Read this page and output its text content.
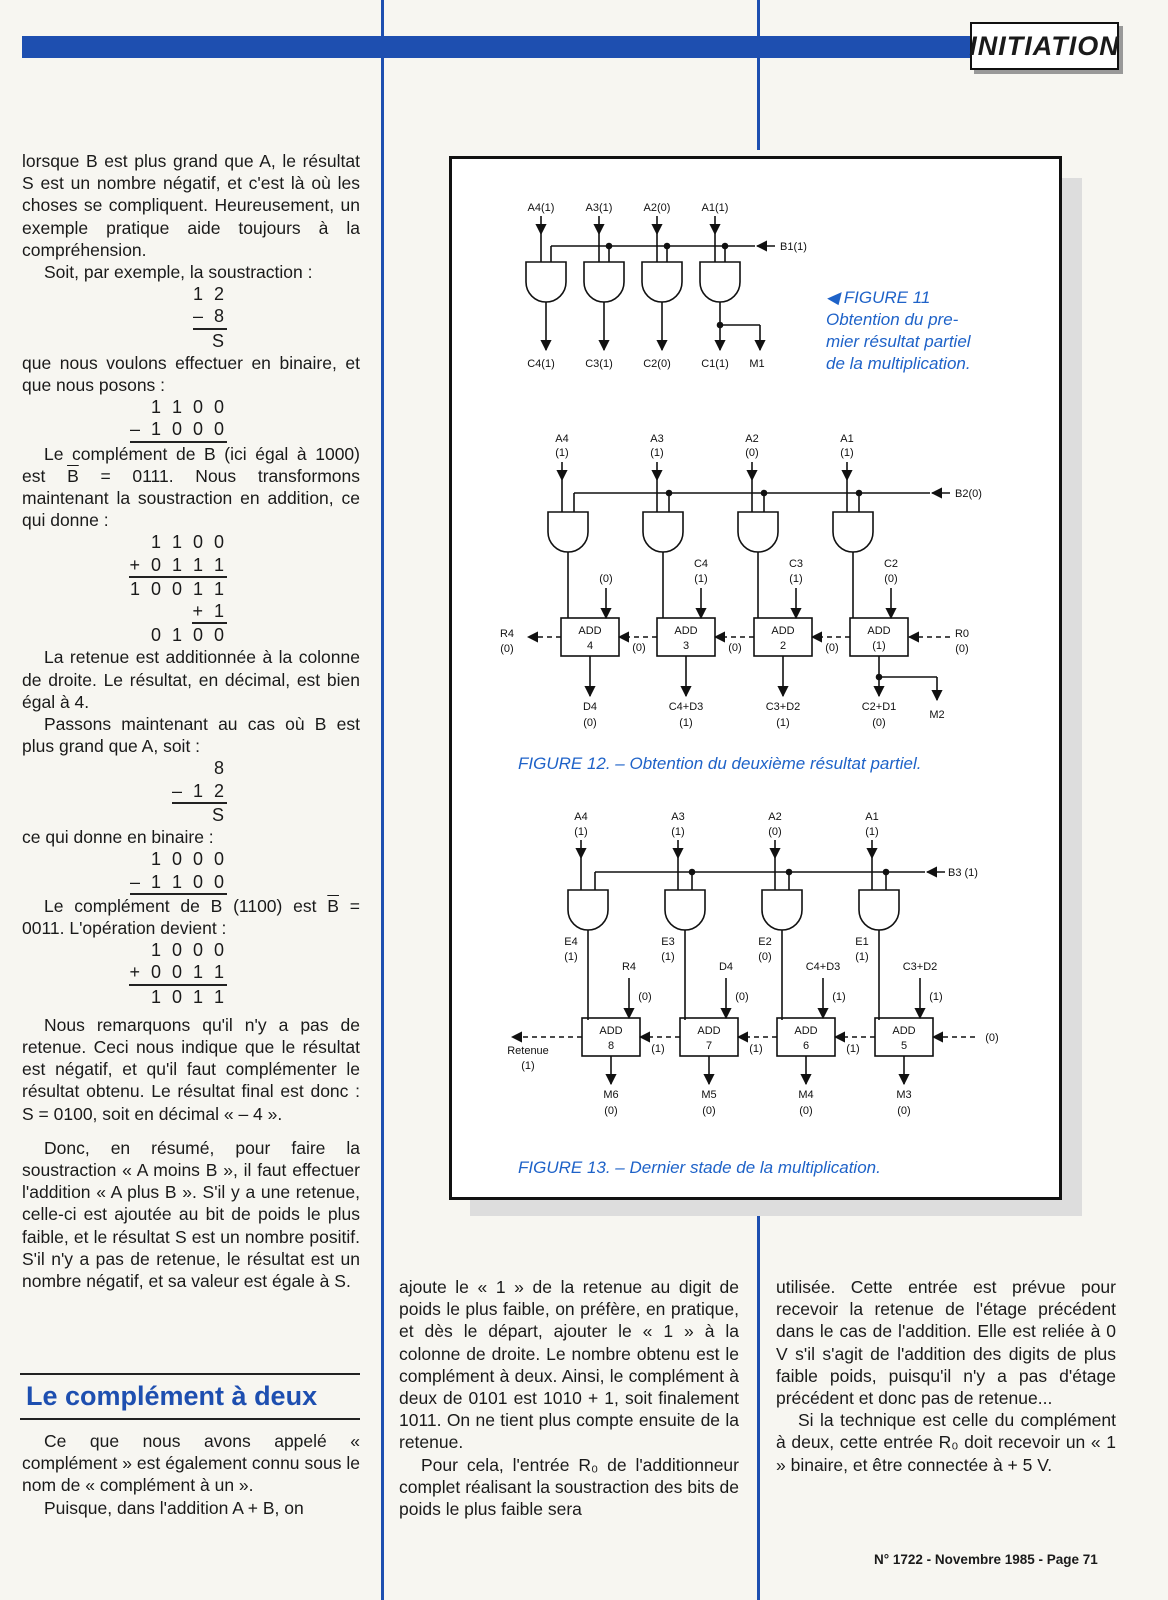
INITIATION

lorsque B est plus grand que A, le résultat S est un nombre négatif, et c'est là où les choses se compliquent. Heureusement, un exemple pratique aide toujours à la compréhension.

Soit, par exemple, la soustraction :

1 2
– 8
S

que nous voulons effectuer en binaire, et que nous posons :

1 1 0 0
– 1 0 0 0

Le complément de B (ici égal à 1000) est $\overline{B} = 0111$. Nous transformons maintenant la soustraction en addition, ce qui donne :

1 1 0 0
+ 0 1 1 1
1 0 0 1 1
+ 1
0 1 0 0

La retenue est additionnée à la colonne de droite. Le résultat, en décimal, est bien égal à 4.

Passons maintenant au cas où B est plus grand que A, soit :

8
– 1 2
S

ce qui donne en binaire :

1 0 0 0
– 1 1 0 0

Le complément de B (1100) est $\overline{B} = 0011$. L'opération devient :

1 0 0 0
+ 0 0 1 1
1 0 1 1

Nous remarquons qu'il n'y a pas de retenue. Ceci nous indique que le résultat est négatif, et qu'il faut complémenter le résultat obtenu. Le résultat final est donc : S = 0100, soit en décimal « – 4 ».

Donc, en résumé, pour faire la soustraction « A moins B », il faut effectuer l'addition « A plus B ». S'il y a une retenue, celle-ci est ajoutée au bit de poids le plus faible, et le résultat S est un nombre positif. S'il n'y a pas de retenue, le résultat est un nombre négatif, et sa valeur est égale à S.

Le complément à deux

Ce que nous avons appelé « complément » est également connu sous le nom de « complément à un ».

Puisque, dans l'addition A + B, on

ajoute le « 1 » de la retenue au digit de poids le plus faible, on préfère, en pratique, et dès le départ, ajouter le « 1 » à la colonne de droite. Le nombre obtenu est le complément à deux. Ainsi, le complément à deux de 0101 est 1010 + 1, soit finalement 1011. On ne tient plus compte ensuite de la retenue.

Pour cela, l'entrée R₀ de l'additionneur complet réalisant la soustraction des bits de poids le plus faible sera

utilisée. Cette entrée est prévue pour recevoir la retenue de l'étage précédent dans le cas de l'addition. Elle est reliée à 0 V s'il s'agit de l'addition des digits de plus faible poids, puisqu'il n'y a pas d'étage précédent et donc pas de retenue...

Si la technique est celle du complément à deux, cette entrée R₀ doit recevoir un « 1 » binaire, et être connectée à + 5 V.

A4(1)
C4(1)
A3(1)
C3(1)
A2(0)
C2(0)
A1(1)
C1(1)
B1(1)
M1
A4
(1)
(0)
ADD
4
D4
(0)
A3
(1)
C4
(1)
ADD
3
C4+D3
(1)
A2
(0)
C3
(1)
ADD
2
C3+D2
(1)
A1
(1)
C2
(0)
ADD
(1)
C2+D1
(0)
B2(0)
(0)	(0)	(0)
R4
(0)
R0
(0)
M2
A4
(1)
E4
(1)
R4
(0)
ADD
8
M6
(0)
A3
(1)
E3
(1)
D4
(0)
ADD
7
M5
(0)
A2
(0)
E2
(0)
C4+D3
(1)
ADD
6
M4
(0)
A1
(1)
E1
(1)
C3+D2
(1)
ADD
5
M3
(0)
B3 (1)
(1)	(1)	(1)
Retenue
(1)
(0)
◀ FIGURE 11
Obtention du pre-
mier résultat partiel
de la multiplication.
FIGURE 12. – Obtention du deuxième résultat partiel.
FIGURE 13. – Dernier stade de la multiplication.
N° 1722 - Novembre 1985 - Page 71
